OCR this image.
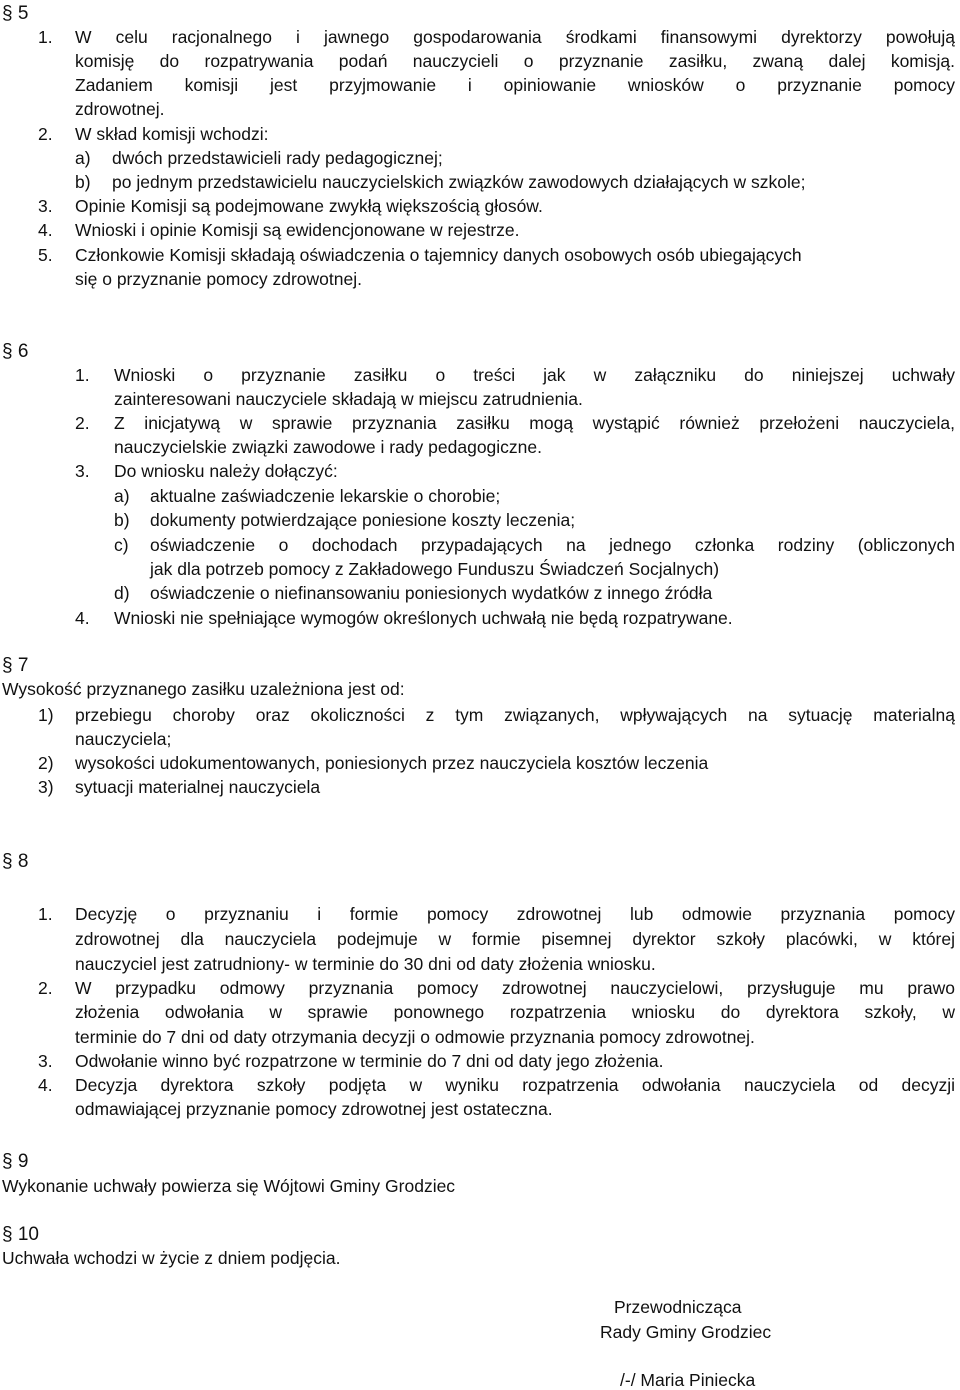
§ 5
1. W celu racjonalnego i jawnego gospodarowania środkami finansowymi dyrektorzy powołują
komisję do rozpatrywania podań nauczycieli o przyznanie zasiłku, zwaną dalej komisją.
Zadaniem komisji jest przyjmowanie i opiniowanie wniosków o przyznanie pomocy
zdrowotnej.
2. W skład komisji wchodzi:
a) dwóch przedstawicieli rady pedagogicznej;
b) po jednym przedstawicielu nauczycielskich związków zawodowych działających w szkole;
3. Opinie Komisji są podejmowane zwykłą większością głosów.
4. Wnioski i opinie Komisji są ewidencjonowane w rejestrze.
5. Członkowie Komisji składają oświadczenia o tajemnicy danych osobowych osób ubiegających
się o przyznanie pomocy zdrowotnej.
§ 6
1. Wnioski o przyznanie zasiłku o treści jak w załączniku do niniejszej uchwały
zainteresowani nauczyciele składają w miejscu zatrudnienia.
2. Z inicjatywą w sprawie przyznania zasiłku mogą wystąpić również przełożeni nauczyciela,
nauczycielskie związki zawodowe i rady pedagogiczne.
3. Do wniosku należy dołączyć:
a) aktualne zaświadczenie lekarskie o chorobie;
b) dokumenty potwierdzające poniesione koszty leczenia;
c) oświadczenie o dochodach przypadających na jednego członka rodziny (obliczonych
jak dla potrzeb pomocy z Zakładowego Funduszu Świadczeń Socjalnych)
d) oświadczenie o niefinansowaniu poniesionych wydatków z innego źródła
4. Wnioski nie spełniające wymogów określonych uchwałą nie będą rozpatrywane.
§ 7
Wysokość przyznanego zasiłku uzależniona jest od:
1) przebiegu choroby oraz okoliczności z tym związanych, wpływających na sytuację materialną
nauczyciela;
2) wysokości udokumentowanych, poniesionych przez nauczyciela kosztów leczenia
3) sytuacji materialnej nauczyciela
§ 8
1. Decyzję o przyznaniu i formie pomocy zdrowotnej lub odmowie przyznania pomocy
zdrowotnej dla nauczyciela podejmuje w formie pisemnej dyrektor szkoły placówki, w której
nauczyciel jest zatrudniony- w terminie do 30 dni od daty złożenia wniosku.
2. W przypadku odmowy przyznania pomocy zdrowotnej nauczycielowi, przysługuje mu prawo
złożenia odwołania w sprawie ponownego rozpatrzenia wniosku do dyrektora szkoły, w
terminie do 7 dni od daty otrzymania decyzji o odmowie przyznania pomocy zdrowotnej.
3. Odwołanie winno być rozpatrzone w terminie do 7 dni od daty jego złożenia.
4. Decyzja dyrektora szkoły podjęta w wyniku rozpatrzenia odwołania nauczyciela od decyzji
odmawiającej przyznanie pomocy zdrowotnej jest ostateczna.
§ 9
Wykonanie uchwały powierza się Wójtowi Gminy Grodziec
§ 10
Uchwała wchodzi w życie z dniem podjęcia.
Przewodnicząca
Rady Gminy Grodziec
/-/ Maria Piniecka
